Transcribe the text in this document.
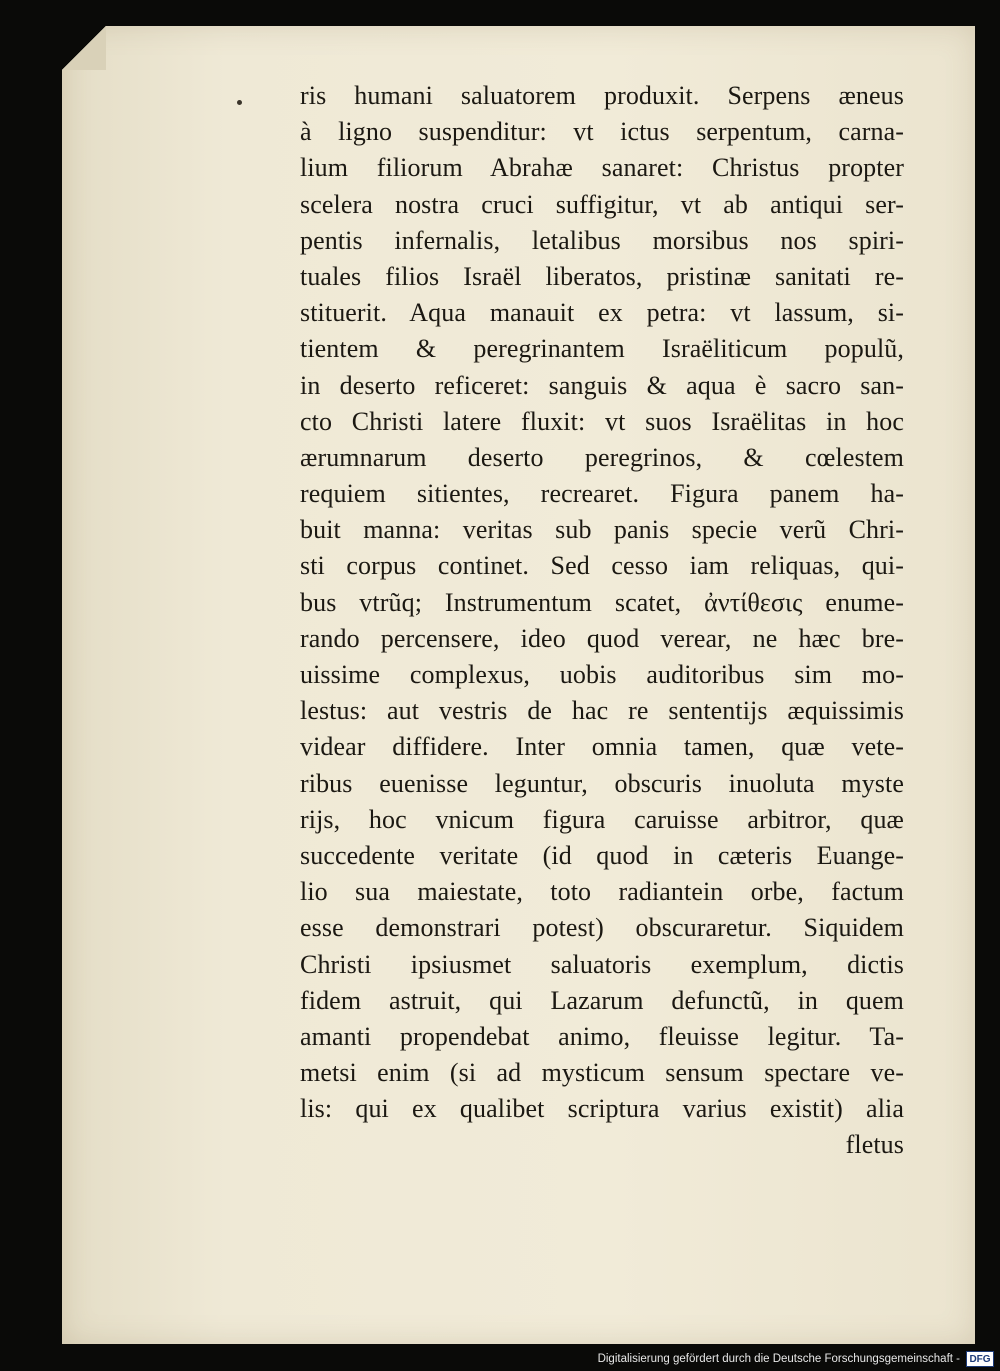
ris humani saluatorem produxit. Serpens æneus
à ligno suspenditur: vt ictus serpentum, carna-
lium filiorum Abrahæ sanaret: Christus propter
scelera nostra cruci suffigitur, vt ab antiqui ser-
pentis infernalis, letalibus morsibus nos spiri-
tuales filios Israël liberatos, pristinæ sanitati re-
stituerit. Aqua manauit ex petra: vt lassum, si-
tientem & peregrinantem Israëliticum populũ,
in deserto reficeret: sanguis & aqua è sacro san-
cto Christi latere fluxit: vt suos Israëlitas in hoc
ærumnarum deserto peregrinos, & cœlestem
requiem sitientes, recrearet. Figura panem ha-
buit manna: veritas sub panis specie verũ Chri-
sti corpus continet. Sed cesso iam reliquas, qui-
bus vtrũq; Instrumentum scatet, ἀντίθεσις enume-
rando percensere, ideo quod verear, ne hæc bre-
uissime complexus, uobis auditoribus sim mo-
lestus: aut vestris de hac re sententijs æquissimis
videar diffidere. Inter omnia tamen, quæ vete-
ribus euenisse leguntur, obscuris inuoluta myste
rijs, hoc vnicum figura caruisse arbitror, quæ
succedente veritate (id quod in cæteris Euange-
lio sua maiestate, toto radiantein orbe, factum
esse demonstrari potest) obscuraretur. Siquidem
Christi ipsiusmet saluatoris exemplum, dictis
fidem astruit, qui Lazarum defunctũ, in quem
amanti propendebat animo, fleuisse legitur. Ta-
metsi enim (si ad mysticum sensum spectare ve-
lis: qui ex qualibet scriptura varius existit) alia
fletus
Digitalisierung gefördert durch die Deutsche Forschungsgemeinschaft - DFG
